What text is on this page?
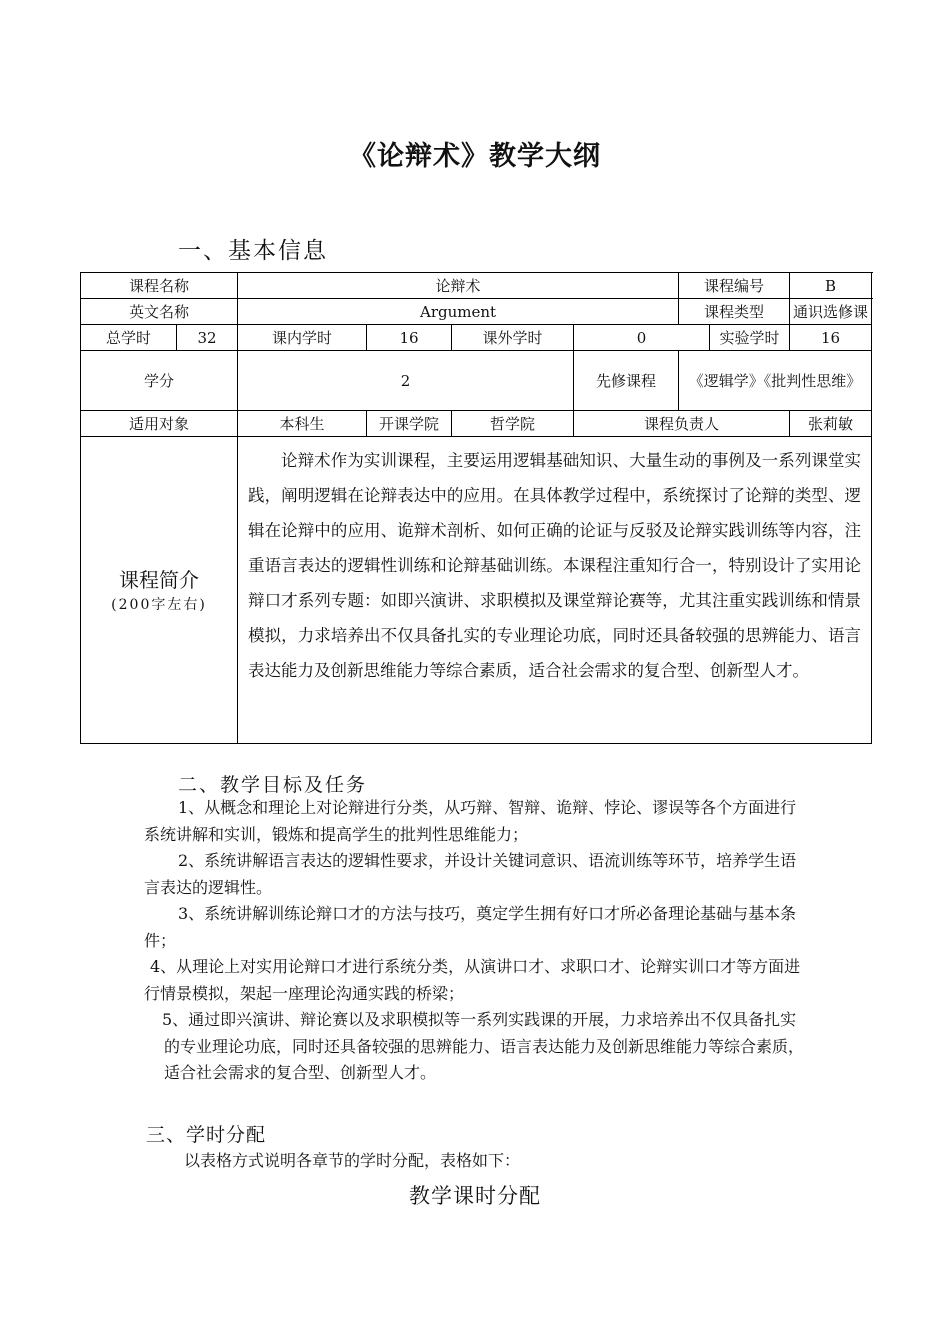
《论辩术》教学大纲
一、基本信息
课程名称		论辩术				课程编号		B
英文名称		Argument				课程类型		通识选修课
总学时	32	课内学时	16	课外学时	0		实验学时	16
学分		2			先修课程	《逻辑学》《批判性思维》		
适用对象		本科生	开课学院	哲学院	课程负责人			张莉敏

课程简介
(200字左右)		论辩术作为实训课程，主要运用逻辑基础知识、大量生动的事例及一系列课堂实践，阐明逻辑在论辩表达中的应用。在具体教学过程中，系统探讨了论辩的类型、逻辑在论辩中的应用、诡辩术剖析、如何正确的论证与反驳及论辩实践训练等内容，注重语言表达的逻辑性训练和论辩基础训练。本课程注重知行合一，特别设计了实用论辩口才系列专题：如即兴演讲、求职模拟及课堂辩论赛等，尤其注重实践训练和情景模拟，力求培养出不仅具备扎实的专业理论功底，同时还具备较强的思辨能力、语言表达能力及创新思维能力等综合素质，适合社会需求的复合型、创新型人才。						
二、教学目标及任务

1、从概念和理论上对论辩进行分类，从巧辩、智辩、诡辩、悖论、谬误等各个方面进行系统讲解和实训，锻炼和提高学生的批判性思维能力；

2、系统讲解语言表达的逻辑性要求，并设计关键词意识、语流训练等环节，培养学生语言表达的逻辑性。

3、系统讲解训练论辩口才的方法与技巧，奠定学生拥有好口才所必备理论基础与基本条件；

4、从理论上对实用论辩口才进行系统分类，从演讲口才、求职口才、论辩实训口才等方面进行情景模拟，架起一座理论沟通实践的桥梁；

5、通过即兴演讲、辩论赛以及求职模拟等一系列实践课的开展，力求培养出不仅具备扎实的专业理论功底，同时还具备较强的思辨能力、语言表达能力及创新思维能力等综合素质，适合社会需求的复合型、创新型人才。

三、学时分配
以表格方式说明各章节的学时分配，表格如下：
教学课时分配
